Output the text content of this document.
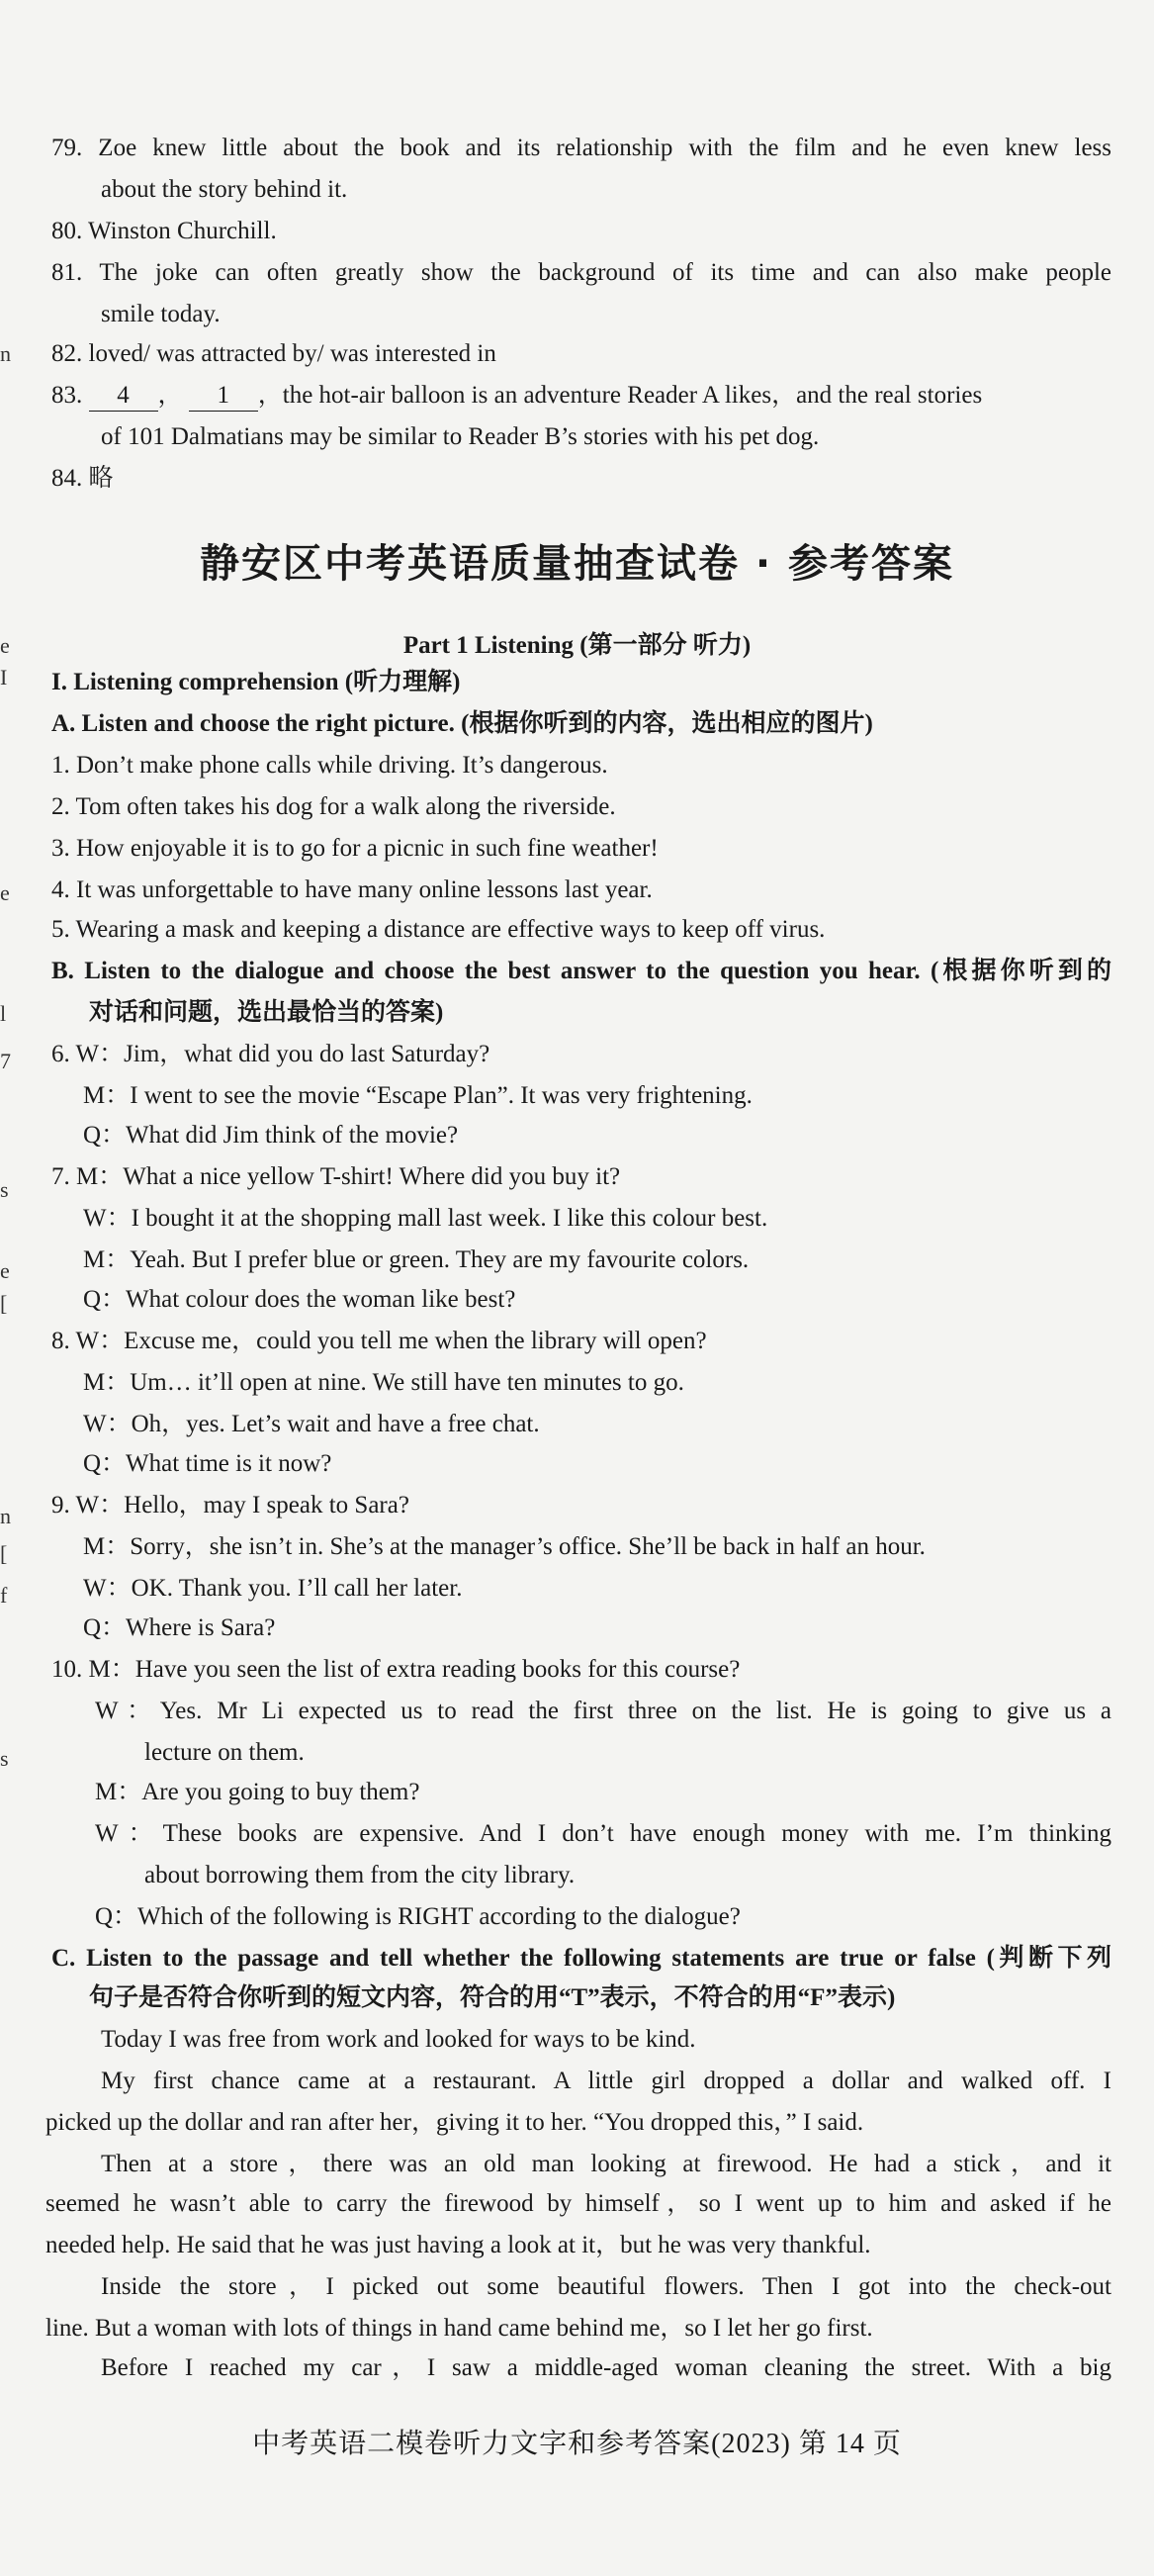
n
e
I
e
l
7
s
e
[
n
[
f
s
79. Zoe knew little about the book and its relationship with the film and he even knew less
about the story behind it.
80. Winston Churchill.
81. The joke can often greatly show the background of its time and can also make people
smile today.
82. loved/ was attracted by/ was interested in
83. 4 ， 1 ，the hot-air balloon is an adventure Reader A likes，and the real stories
of 101 Dalmatians may be similar to Reader B’s stories with his pet dog.
84. 略
静安区中考英语质量抽查试卷 · 参考答案
Part 1 Listening (第一部分 听力)
I. Listening comprehension (听力理解)
A. Listen and choose the right picture. (根据你听到的内容，选出相应的图片)
1. Don’t make phone calls while driving. It’s dangerous.
2. Tom often takes his dog for a walk along the riverside.
3. How enjoyable it is to go for a picnic in such fine weather!
4. It was unforgettable to have many online lessons last year.
5. Wearing a mask and keeping a distance are effective ways to keep off virus.
B. Listen to the dialogue and choose the best answer to the question you hear. (根据你听到的
对话和问题，选出最恰当的答案)
6. W：Jim，what did you do last Saturday?
M：I went to see the movie “Escape Plan”. It was very frightening.
Q：What did Jim think of the movie?
7. M：What a nice yellow T-shirt! Where did you buy it?
W：I bought it at the shopping mall last week. I like this colour best.
M：Yeah. But I prefer blue or green. They are my favourite colors.
Q：What colour does the woman like best?
8. W：Excuse me，could you tell me when the library will open?
M：Um… it’ll open at nine. We still have ten minutes to go.
W：Oh，yes. Let’s wait and have a free chat.
Q：What time is it now?
9. W：Hello，may I speak to Sara?
M：Sorry，she isn’t in. She’s at the manager’s office. She’ll be back in half an hour.
W：OK. Thank you. I’ll call her later.
Q：Where is Sara?
10. M：Have you seen the list of extra reading books for this course?
W：Yes. Mr Li expected us to read the first three on the list. He is going to give us a
lecture on them.
M：Are you going to buy them?
W：These books are expensive. And I don’t have enough money with me. I’m thinking
about borrowing them from the city library.
Q：Which of the following is RIGHT according to the dialogue?
C. Listen to the passage and tell whether the following statements are true or false (判断下列
句子是否符合你听到的短文内容，符合的用“T”表示，不符合的用“F”表示)
Today I was free from work and looked for ways to be kind.
My first chance came at a restaurant. A little girl dropped a dollar and walked off. I
picked up the dollar and ran after her，giving it to her. “You dropped this，” I said.
Then at a store，there was an old man looking at firewood. He had a stick，and it
seemed he wasn’t able to carry the firewood by himself，so I went up to him and asked if he
needed help. He said that he was just having a look at it，but he was very thankful.
Inside the store，I picked out some beautiful flowers. Then I got into the check-out
line. But a woman with lots of things in hand came behind me，so I let her go first.
Before I reached my car，I saw a middle-aged woman cleaning the street. With a big
中考英语二模卷听力文字和参考答案(2023) 第 14 页
